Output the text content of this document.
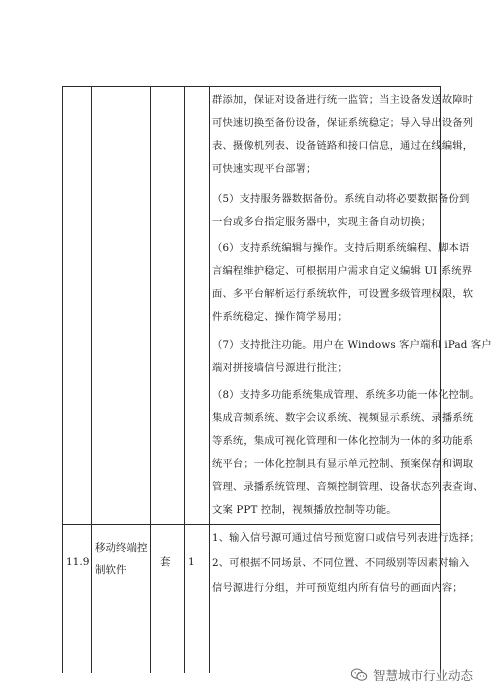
群添加，保证对设备进行统一监管；当主设备发送故障时
可快速切换至备份设备，保证系统稳定；导入导出设备列
表、摄像机列表、设备链路和接口信息，通过在线编辑，
可快速实现平台部署；
（5）支持服务器数据备份。系统自动将必要数据备份到
一台或多台指定服务器中，实现主备自动切换；
（6）支持系统编辑与操作。支持后期系统编程、脚本语
言编程维护稳定、可根据用户需求自定义编辑 UI 系统界
面、多平台解析运行系统软件，可设置多级管理权限，软
件系统稳定、操作简学易用；
（7）支持批注功能。用户在 Windows 客户端和 iPad 客户
端对拼接墙信号源进行批注；
（8）支持多功能系统集成管理、系统多功能一体化控制。
集成音频系统、数字会议系统、视频显示系统、录播系统
等系统，集成可视化管理和一体化控制为一体的多功能系
统平台；一体化控制具有显示单元控制、预案保存和调取
管理、录播系统管理、音频控制管理、设备状态列表查询、
文案 PPT 控制，视频播放控制等功能。
11.9
移动终端控
制软件
套 1
1、输入信号源可通过信号预览窗口或信号列表进行选择；
2、可根据不同场景、不同位置、不同级别等因素对输入
信号源进行分组，并可预览组内所有信号的画面内容；
智慧城市行业动态
